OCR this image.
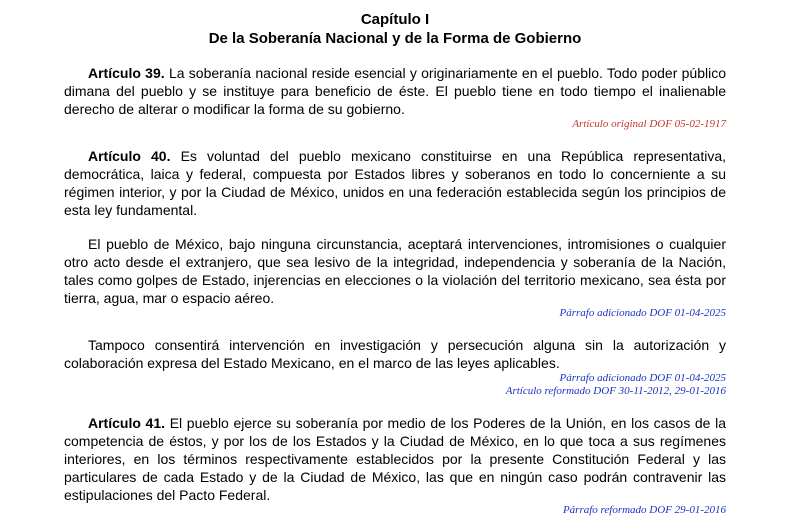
Capítulo I
De la Soberanía Nacional y de la Forma de Gobierno

Artículo 39. La soberanía nacional reside esencial y originariamente en el pueblo. Todo poder público dimana del pueblo y se instituye para beneficio de éste. El pueblo tiene en todo tiempo el inalienable derecho de alterar o modificar la forma de su gobierno.

Artículo original DOF 05-02-1917

Artículo 40. Es voluntad del pueblo mexicano constituirse en una República representativa, democrática, laica y federal, compuesta por Estados libres y soberanos en todo lo concerniente a su régimen interior, y por la Ciudad de México, unidos en una federación establecida según los principios de esta ley fundamental.

El pueblo de México, bajo ninguna circunstancia, aceptará intervenciones, intromisiones o cualquier otro acto desde el extranjero, que sea lesivo de la integridad, independencia y soberanía de la Nación, tales como golpes de Estado, injerencias en elecciones o la violación del territorio mexicano, sea ésta por tierra, agua, mar o espacio aéreo.

Párrafo adicionado DOF 01-04-2025

Tampoco consentirá intervención en investigación y persecución alguna sin la autorización y colaboración expresa del Estado Mexicano, en el marco de las leyes aplicables.

Párrafo adicionado DOF 01-04-2025
Artículo reformado DOF 30-11-2012, 29-01-2016

Artículo 41. El pueblo ejerce su soberanía por medio de los Poderes de la Unión, en los casos de la competencia de éstos, y por los de los Estados y la Ciudad de México, en lo que toca a sus regímenes interiores, en los términos respectivamente establecidos por la presente Constitución Federal y las particulares de cada Estado y de la Ciudad de México, las que en ningún caso podrán contravenir las estipulaciones del Pacto Federal.

Párrafo reformado DOF 29-01-2016
